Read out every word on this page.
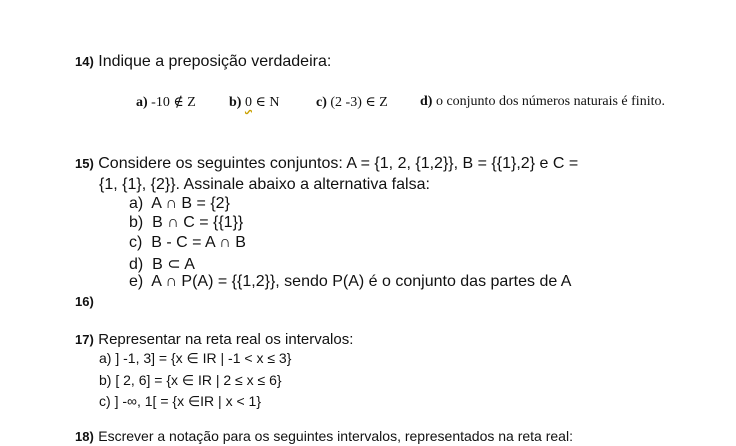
14) Indique a preposição verdadeira:
a) -10 ∉ Z b) 0 ∈ N	c) (2 -3) ∈ Z d) o conjunto dos números naturais é finito.
15) Considere os seguintes conjuntos: A = {1, 2, {1,2}}, B = {{1},2} e C =
{1, {1}, {2}}. Assinale abaixo a alternativa falsa:
a) A ∩ B = {2}
b) B ∩ C = {{1}}
c) B - C = A ∩ B
d) B ⊂ A
e) A ∩ P(A) = {{1,2}}, sendo P(A) é o conjunto das partes de A
16)
17) Representar na reta real os intervalos:
a) ] -1, 3] = {x ∈ IR | -1 < x ≤ 3}
b) [ 2, 6] = {x ∈ IR | 2 ≤ x ≤ 6}
c) ] -∞, 1[ = {x ∈IR | x < 1}
18) Escrever a notação para os seguintes intervalos, representados na reta real:
